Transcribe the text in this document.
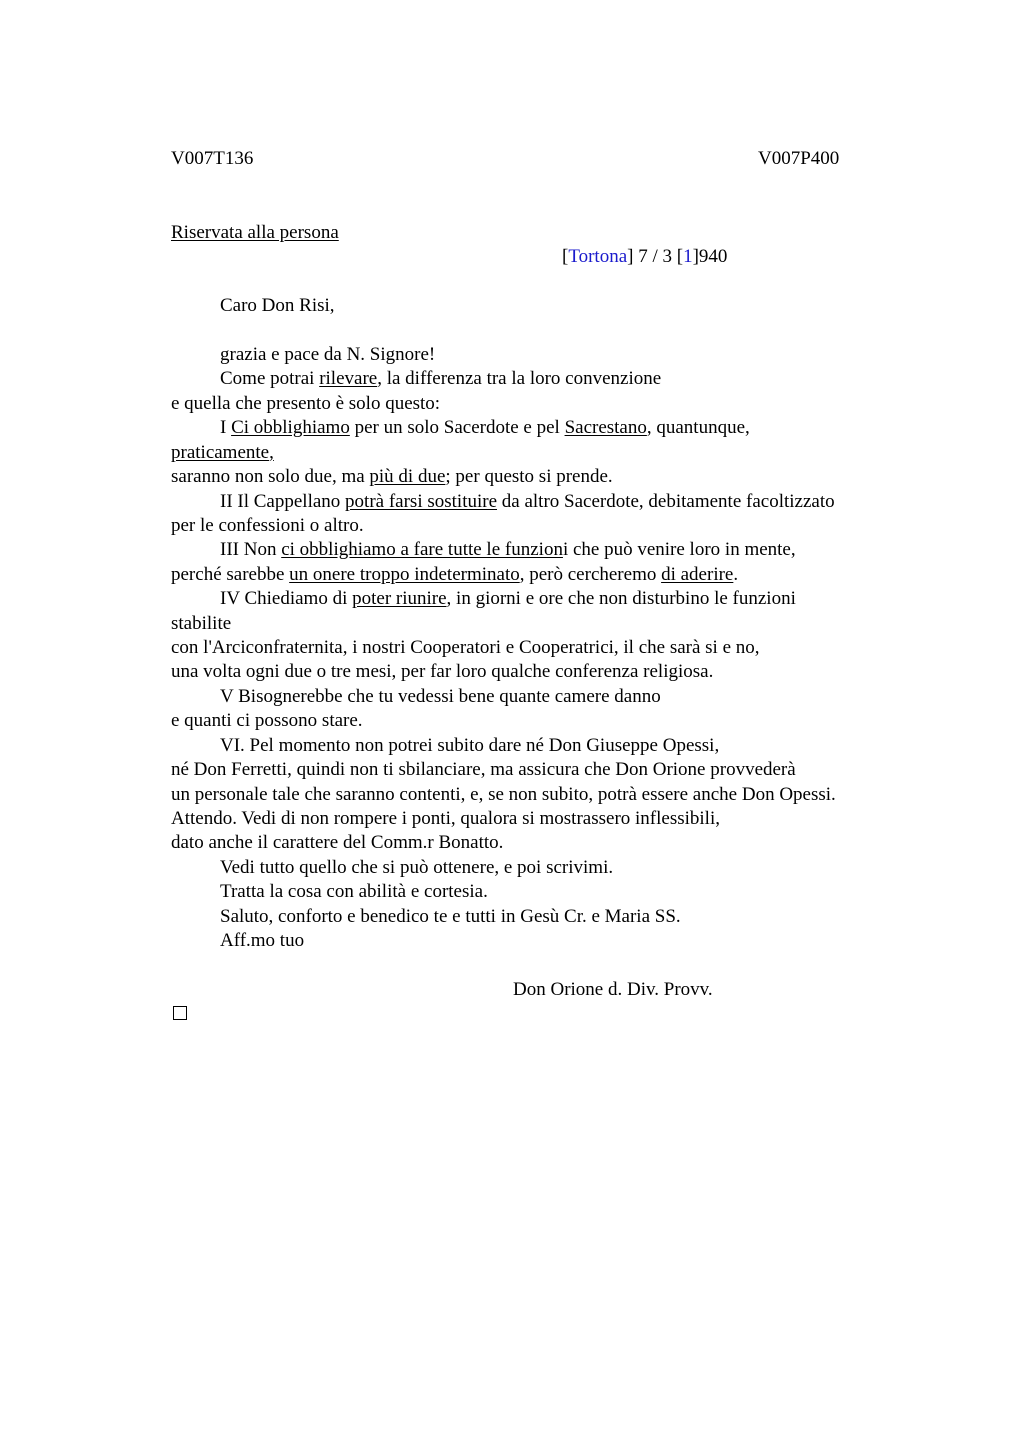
V007T136	V007P400
Riservata alla persona
[Tortona] 7 / 3 [1]940
Caro Don Risi,
grazia e pace da N. Signore!
Come potrai rilevare, la differenza tra la loro convenzione
e quella che presento è solo questo:
I Ci obblighiamo per un solo Sacerdote e pel Sacrestano, quantunque,
praticamente,
saranno non solo due, ma più di due; per questo si prende.
II Il Cappellano potrà farsi sostituire da altro Sacerdote, debitamente facoltizzato
per le confessioni o altro.
III Non ci obblighiamo a fare tutte le funzioni che può venire loro in mente,
perché sarebbe un onere troppo indeterminato, però cercheremo di aderire.
IV Chiediamo di poter riunire, in giorni e ore che non disturbino le funzioni
stabilite
con l'Arciconfraternita, i nostri Cooperatori e Cooperatrici, il che sarà si e no,
una volta ogni due o tre mesi, per far loro qualche conferenza religiosa.
V Bisognerebbe che tu vedessi bene quante camere danno
e quanti ci possono stare.
VI. Pel momento non potrei subito dare né Don Giuseppe Opessi,
né Don Ferretti, quindi non ti sbilanciare, ma assicura che Don Orione provvederà
un personale tale che saranno contenti, e, se non subito, potrà essere anche Don Opessi.
Attendo. Vedi di non rompere i ponti, qualora si mostrassero inflessibili,
dato anche il carattere del Comm.r Bonatto.
Vedi tutto quello che si può ottenere, e poi scrivimi.
Tratta la cosa con abilità e cortesia.
Saluto, conforto e benedico te e tutti in Gesù Cr. e Maria SS.
Aff.mo tuo
Don Orione d. Div. Provv.
